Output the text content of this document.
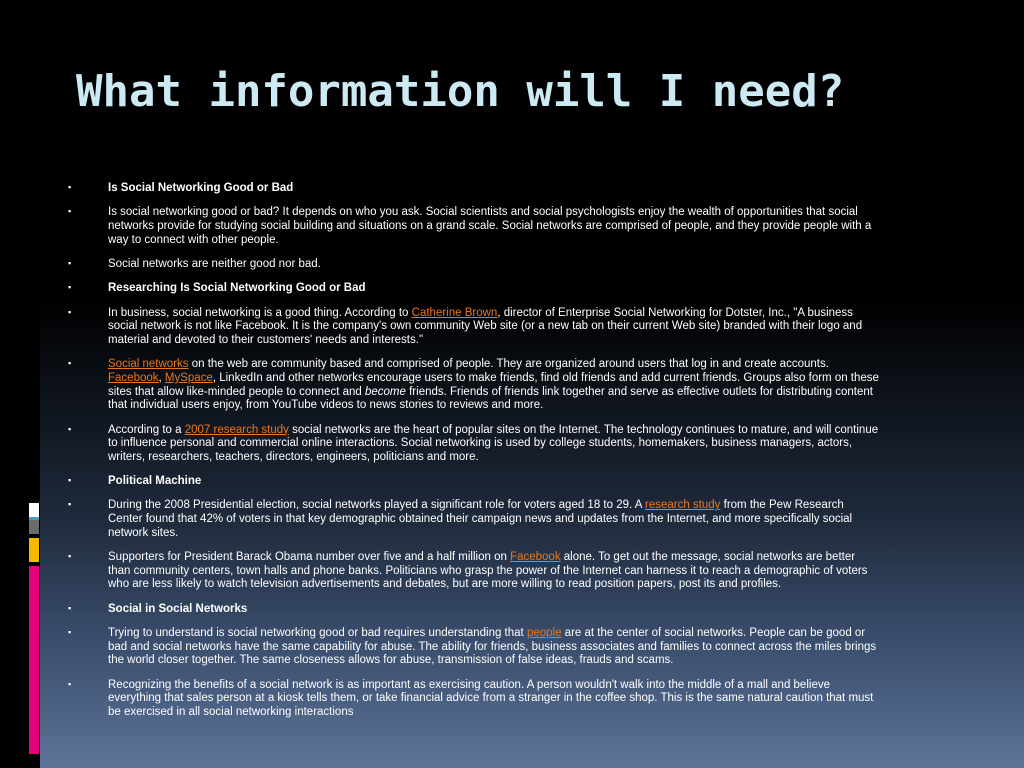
What information will I need?
▪	Is Social Networking Good or Bad
▪	Is social networking good or bad? It depends on who you ask. Social scientists and social psychologists enjoy the wealth of opportunities that social networks provide for studying social building and situations on a grand scale. Social networks are comprised of people, and they provide people with a way to connect with other people.
▪	Social networks are neither good nor bad.
▪	Researching Is Social Networking Good or Bad
▪	In business, social networking is a good thing. According to Catherine Brown, director of Enterprise Social Networking for Dotster, Inc., "A business social network is not like Facebook. It is the company's own community Web site (or a new tab on their current Web site) branded with their logo and material and devoted to their customers' needs and interests."
▪	Social networks on the web are community based and comprised of people. They are organized around users that log in and create accounts. Facebook, MySpace, LinkedIn and other networks encourage users to make friends, find old friends and add current friends. Groups also form on these sites that allow like-minded people to connect and become friends. Friends of friends link together and serve as effective outlets for distributing content that individual users enjoy, from YouTube videos to news stories to reviews and more.
▪	According to a 2007 research study social networks are the heart of popular sites on the Internet. The technology continues to mature, and will continue to influence personal and commercial online interactions. Social networking is used by college students, homemakers, business managers, actors, writers, researchers, teachers, directors, engineers, politicians and more.
▪	Political Machine
▪	During the 2008 Presidential election, social networks played a significant role for voters aged 18 to 29. A research study from the Pew Research Center found that 42% of voters in that key demographic obtained their campaign news and updates from the Internet, and more specifically social network sites.
▪	Supporters for President Barack Obama number over five and a half million on Facebook alone. To get out the message, social networks are better than community centers, town halls and phone banks. Politicians who grasp the power of the Internet can harness it to reach a demographic of voters who are less likely to watch television advertisements and debates, but are more willing to read position papers, post its and profiles.
▪	Social in Social Networks
▪	Trying to understand is social networking good or bad requires understanding that people are at the center of social networks. People can be good or bad and social networks have the same capability for abuse. The ability for friends, business associates and families to connect across the miles brings the world closer together. The same closeness allows for abuse, transmission of false ideas, frauds and scams.
▪	Recognizing the benefits of a social network is as important as exercising caution. A person wouldn't walk into the middle of a mall and believe everything that sales person at a kiosk tells them, or take financial advice from a stranger in the coffee shop. This is the same natural caution that must be exercised in all social networking interactions
